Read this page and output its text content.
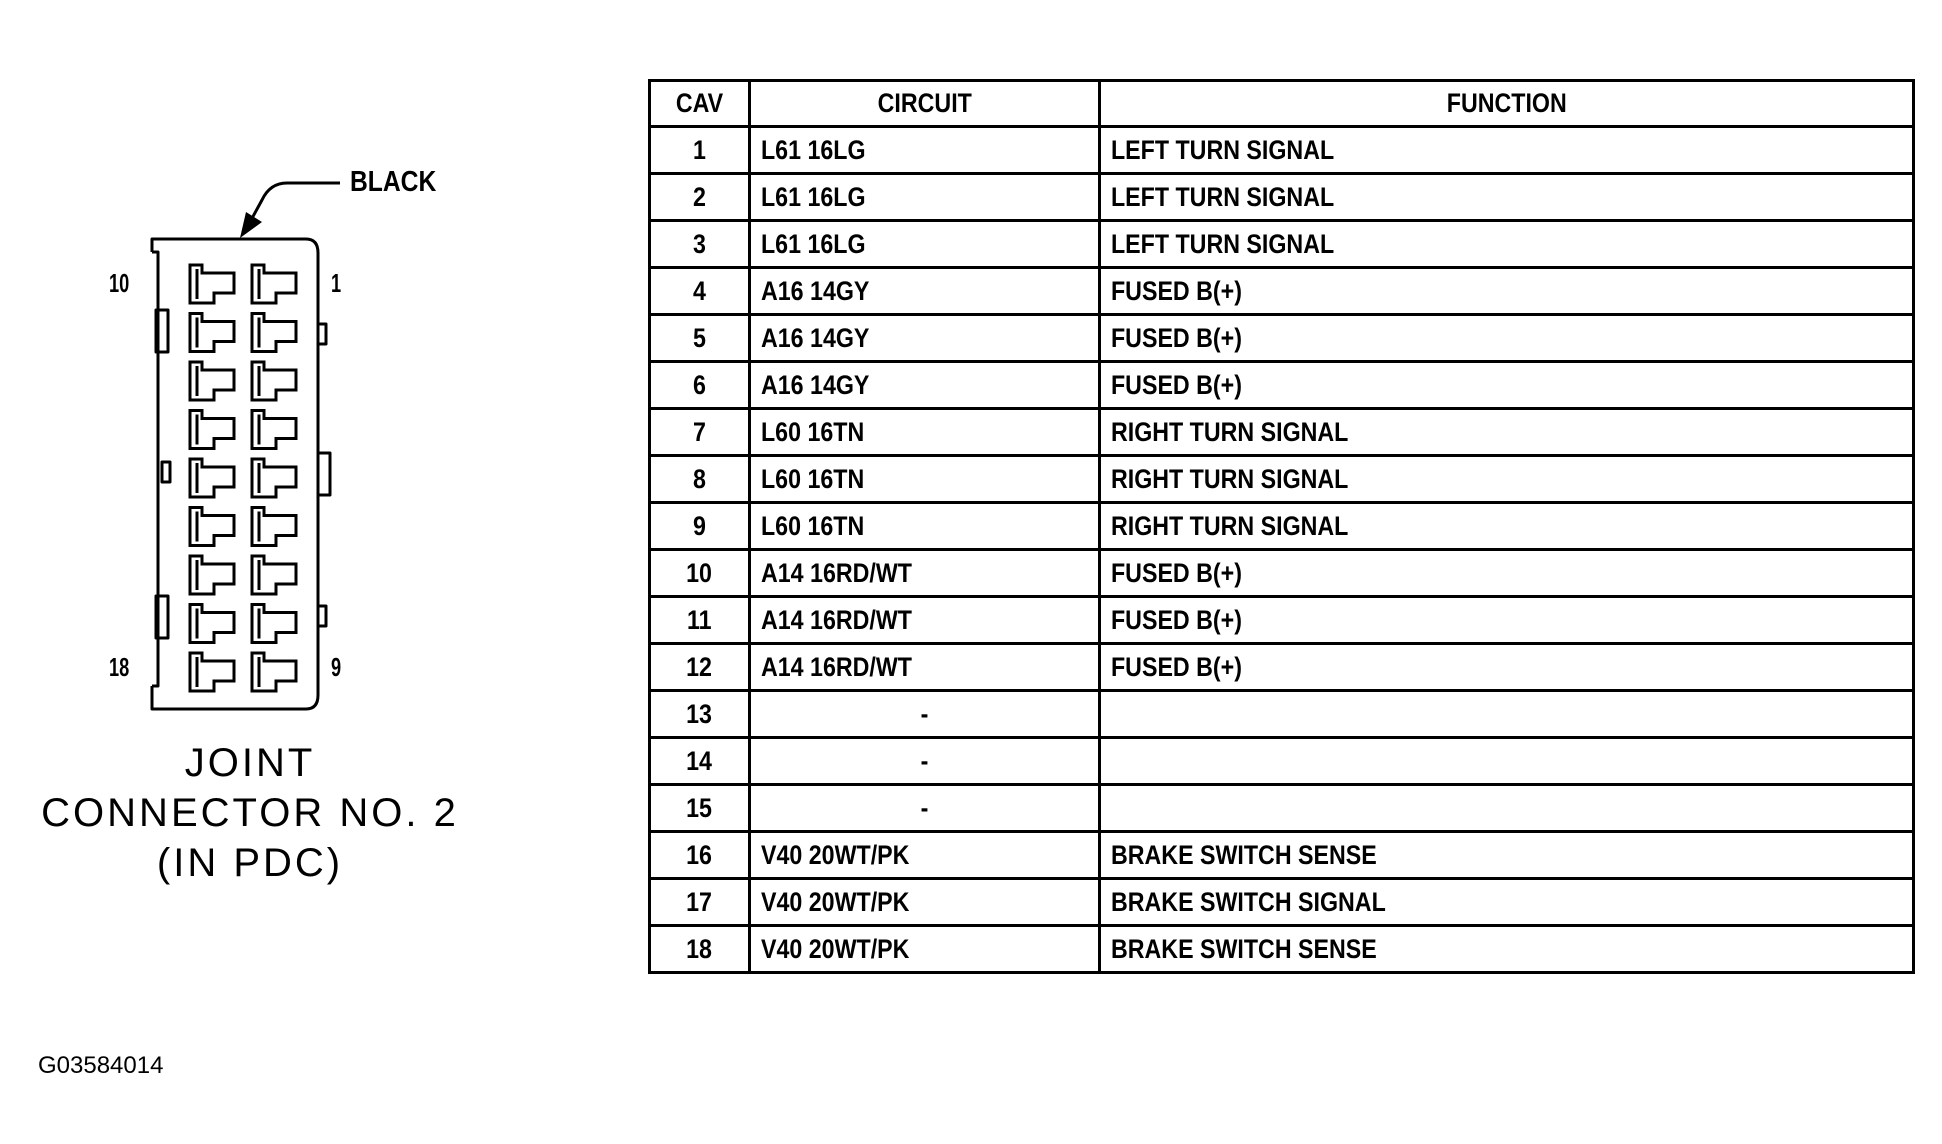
BLACK
10	1
18	9
JOINT
CONNECTOR NO. 2
(IN PDC)
G03584014
CAV	CIRCUIT	FUNCTION
1	L61 16LG	LEFT TURN SIGNAL
2	L61 16LG	LEFT TURN SIGNAL
3	L61 16LG	LEFT TURN SIGNAL
4	A16 14GY	FUSED B(+)
5	A16 14GY	FUSED B(+)
6	A16 14GY	FUSED B(+)
7	L60 16TN	RIGHT TURN SIGNAL
8	L60 16TN	RIGHT TURN SIGNAL
9	L60 16TN	RIGHT TURN SIGNAL
10	A14 16RD/WT	FUSED B(+)
11	A14 16RD/WT	FUSED B(+)
12	A14 16RD/WT	FUSED B(+)
13	-	
14	-	
15	-	
16	V40 20WT/PK	BRAKE SWITCH SENSE
17	V40 20WT/PK	BRAKE SWITCH SIGNAL
18	V40 20WT/PK	BRAKE SWITCH SENSE
